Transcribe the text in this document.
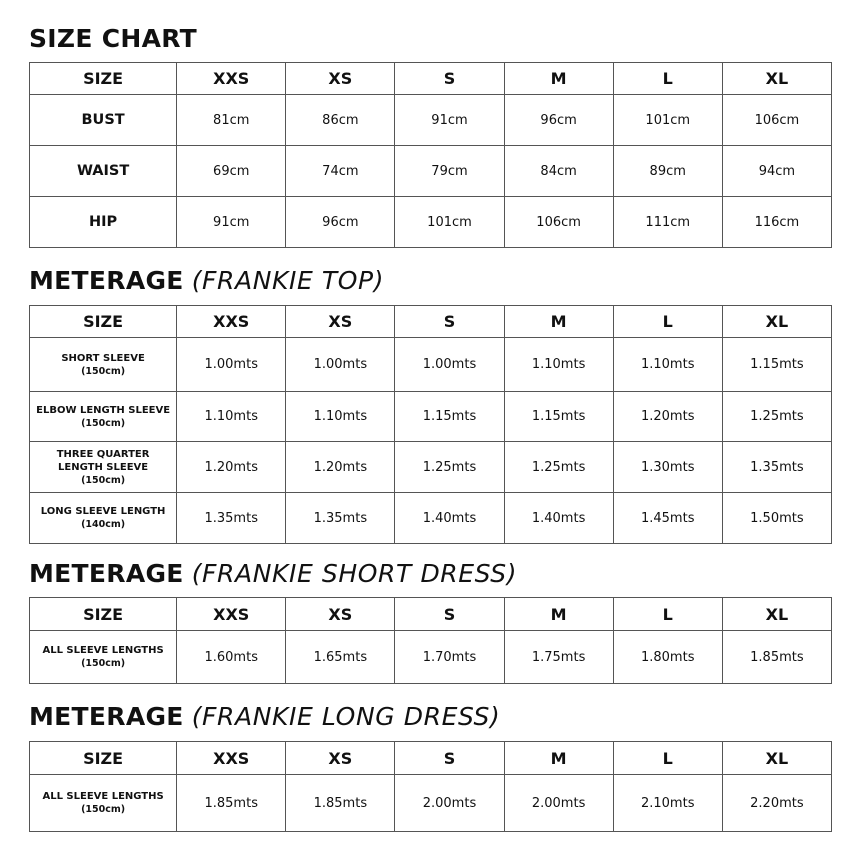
SIZE CHART
SIZE	XXS	XS	S	M	L	XL
BUST	81cm	86cm	91cm	96cm	101cm	106cm
WAIST	69cm	74cm	79cm	84cm	89cm	94cm
HIP	91cm	96cm	101cm	106cm	111cm	116cm
METERAGE (FRANKIE TOP)
SIZE	XXS	XS	S	M	L	XL
SHORT SLEEVE
(150cm)	1.00mts	1.00mts	1.00mts	1.10mts	1.10mts	1.15mts
ELBOW LENGTH SLEEVE
(150cm)	1.10mts	1.10mts	1.15mts	1.15mts	1.20mts	1.25mts

THREE QUARTER LENGTH SLEEVE
(150cm)	1.20mts	1.20mts	1.25mts	1.25mts	1.30mts	1.35mts
LONG SLEEVE LENGTH
(140cm)	1.35mts	1.35mts	1.40mts	1.40mts	1.45mts	1.50mts
METERAGE (FRANKIE SHORT DRESS)
SIZE	XXS	XS	S	M	L	XL
ALL SLEEVE LENGTHS
(150cm)	1.60mts	1.65mts	1.70mts	1.75mts	1.80mts	1.85mts
METERAGE (FRANKIE LONG DRESS)
SIZE	XXS	XS	S	M	L	XL
ALL SLEEVE LENGTHS
(150cm)	1.85mts	1.85mts	2.00mts	2.00mts	2.10mts	2.20mts
